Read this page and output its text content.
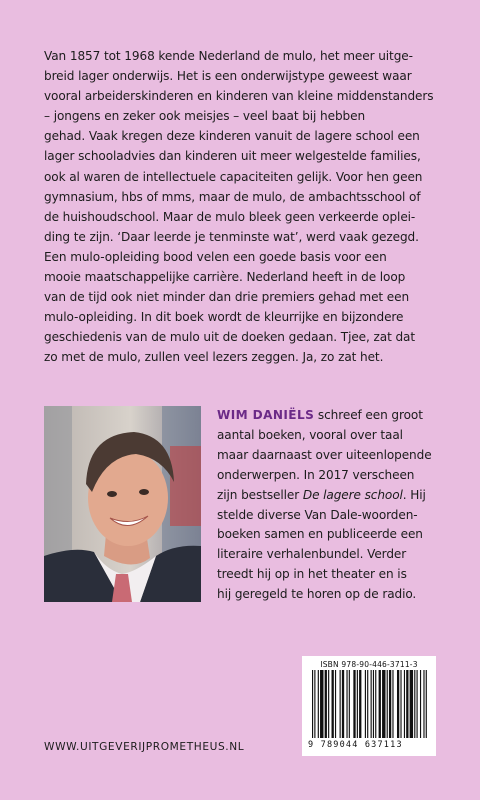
Van 1857 tot 1968 kende Nederland de mulo, het meer uitge-
breid lager onderwijs. Het is een onderwijstype geweest waar
vooral arbeiderskinderen en kinderen van kleine middenstanders
– jongens en zeker ook meisjes – veel baat bij hebben
gehad. Vaak kregen deze kinderen vanuit de lagere school een
lager schooladvies dan kinderen uit meer welgestelde families,
ook al waren de intellectuele capaciteiten gelijk. Voor hen geen
gymnasium, hbs of mms, maar de mulo, de ambachtsschool of
de huishoudschool. Maar de mulo bleek geen verkeerde oplei-
ding te zijn. ‘Daar leerde je tenminste wat’, werd vaak gezegd.
Een mulo-opleiding bood velen een goede basis voor een
mooie maatschappelijke carrière. Nederland heeft in de loop
van de tijd ook niet minder dan drie premiers gehad met een
mulo-opleiding. In dit boek wordt de kleurrijke en bijzondere
geschiedenis van de mulo uit de doeken gedaan. Tjee, zat dat
zo met de mulo, zullen veel lezers zeggen. Ja, zo zat het.
WIM DANIËLS schreef een groot
aantal boeken, vooral over taal
maar daarnaast over uiteenlopende
onderwerpen. In 2017 verscheen
zijn bestseller De lagere school. Hij
stelde diverse Van Dale-woorden-
boeken samen en publiceerde een
literaire verhalenbundel. Verder
treedt hij op in het theater en is
hij geregeld te horen op de radio.
ISBN 978-90-446-3711-3
9 789044 637113
WWW.UITGEVERIJPROMETHEUS.NL
